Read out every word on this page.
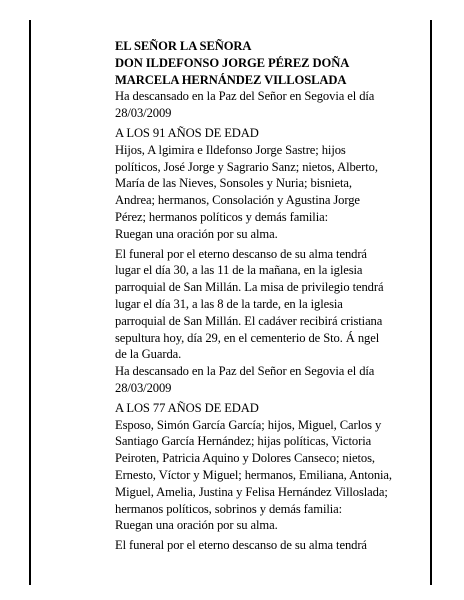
EL SEÑOR LA SEÑORA
DON ILDEFONSO JORGE PÉREZ DOÑA
MARCELA HERNÁNDEZ VILLOSLADA
Ha descansado en la Paz del Señor en Segovia el día
28/03/2009
A LOS 91 AÑOS DE EDAD
Hijos, A lgimira e Ildefonso Jorge Sastre; hijos
políticos, José Jorge y Sagrario Sanz; nietos, Alberto,
María de las Nieves, Sonsoles y Nuria; bisnieta,
Andrea; hermanos, Consolación y Agustina Jorge
Pérez; hermanos políticos y demás familia:
Ruegan una oración por su alma.
El funeral por el eterno descanso de su alma tendrá
lugar el día 30, a las 11 de la mañana, en la iglesia
parroquial de San Millán. La misa de privilegio tendrá
lugar el día 31, a las 8 de la tarde, en la iglesia
parroquial de San Millán. El cadáver recibirá cristiana
sepultura hoy, día 29, en el cementerio de Sto. Á ngel
de la Guarda.
Ha descansado en la Paz del Señor en Segovia el día
28/03/2009
A LOS 77 AÑOS DE EDAD
Esposo, Simón García García; hijos, Miguel, Carlos y
Santiago García Hernández; hijas políticas, Victoria
Peiroten, Patricia Aquino y Dolores Canseco; nietos,
Ernesto, Víctor y Miguel; hermanos, Emiliana, Antonia,
Miguel, Amelia, Justina y Felisa Hernández Villoslada;
hermanos políticos, sobrinos y demás familia:
Ruegan una oración por su alma.
El funeral por el eterno descanso de su alma tendrá
